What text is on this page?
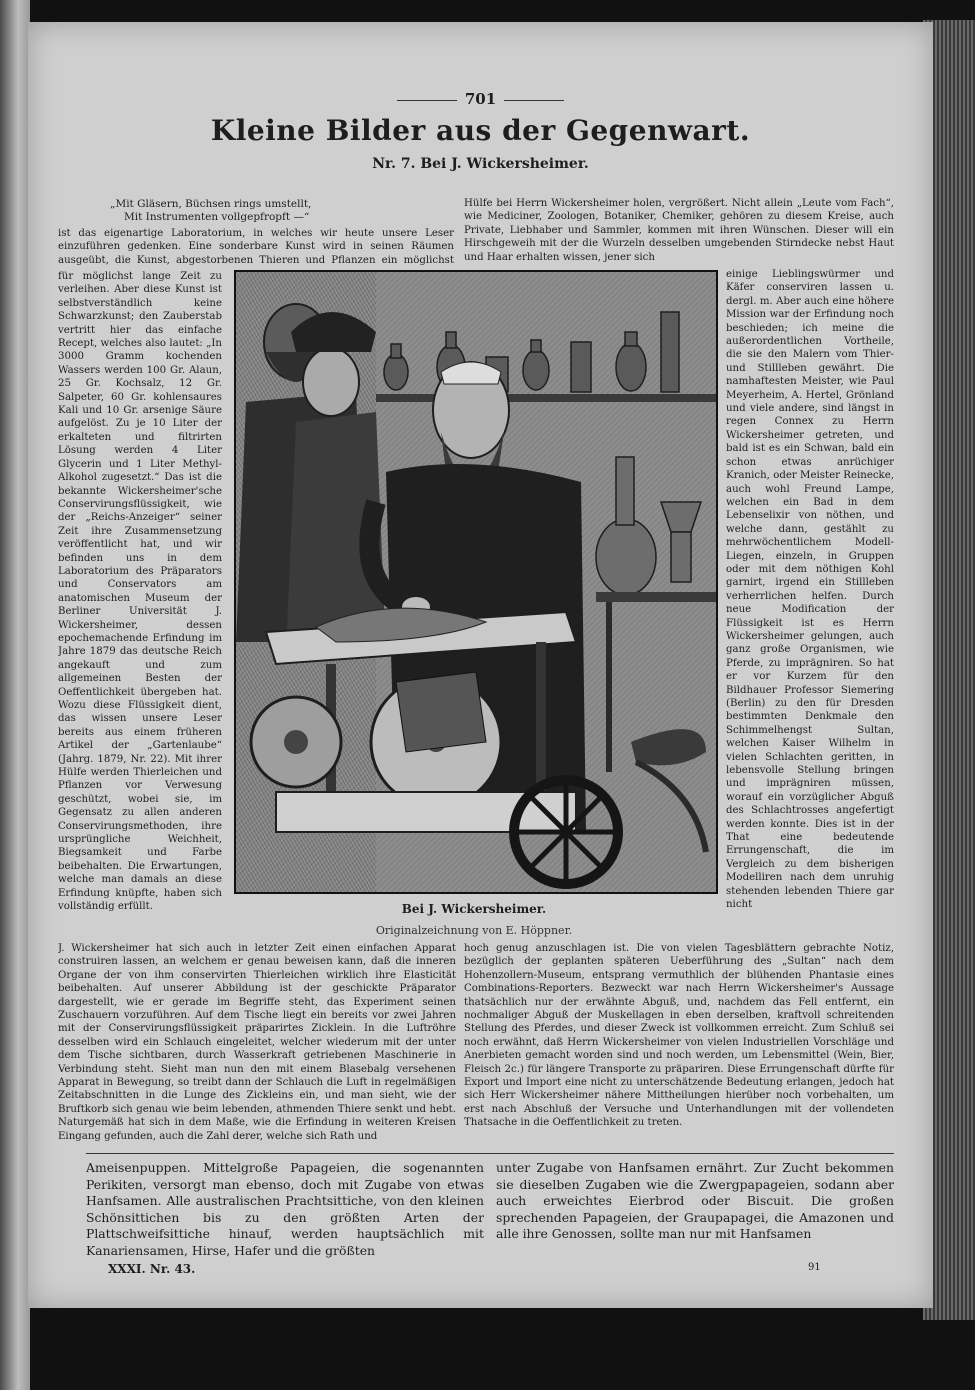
701
Kleine Bilder aus der Gegenwart.
Nr. 7. Bei J. Wickersheimer.

„Mit Gläsern, Büchsen rings umstellt,

Mit Instrumenten vollgepfropft —“

ist das eigenartige Laboratorium, in welches wir heute unsere Leser einzuführen gedenken. Eine sonderbare Kunst wird in seinen Räumen ausgeübt, die Kunst, abgestorbenen Thieren und Pflanzen ein möglichst
Hülfe bei Herrn Wickersheimer holen, vergrößert. Nicht allein „Leute vom Fach“, wie Mediciner, Zoologen, Botaniker, Chemiker, gehören zu diesem Kreise, auch Private, Liebhaber und Sammler, kommen mit ihren Wünschen. Dieser will ein Hirschgeweih mit der die Wurzeln desselben umgebenden Stirndecke nebst Haut und Haar erhalten wissen, jener sich
für möglichst lange Zeit zu verleihen. Aber diese Kunst ist selbstverständlich keine Schwarzkunst; den Zauberstab vertritt hier das einfache Recept, welches also lautet: „In 3000 Gramm kochenden Wassers werden 100 Gr. Alaun, 25 Gr. Kochsalz, 12 Gr. Salpeter, 60 Gr. kohlensaures Kali und 10 Gr. arsenige Säure aufgelöst. Zu je 10 Liter der erkalteten und filtrirten Lösung werden 4 Liter Glycerin und 1 Liter Methyl-Alkohol zugesetzt.“ Das ist die bekannte Wickersheimer'sche Conservirungsflüssigkeit, wie der „Reichs-Anzeiger“ seiner Zeit ihre Zusammensetzung veröffentlicht hat, und wir befinden uns in dem Laboratorium des Präparators und Conservators am anatomischen Museum der Berliner Universität J. Wickersheimer, dessen epochemachende Erfindung im Jahre 1879 das deutsche Reich angekauft und zum allgemeinen Besten der Oeffentlichkeit übergeben hat. Wozu diese Flüssigkeit dient, das wissen unsere Leser bereits aus einem früheren Artikel der „Gartenlaube“ (Jahrg. 1879, Nr. 22). Mit ihrer Hülfe werden Thierleichen und Pflanzen vor Verwesung geschützt, wobei sie, im Gegensatz zu allen anderen Conservirungsmethoden, ihre ursprüngliche Weichheit, Biegsamkeit und Farbe beibehalten. Die Erwartungen, welche man damals an diese Erfindung knüpfte, haben sich vollständig erfüllt.
einige Lieblingswürmer und Käfer conserviren lassen u. dergl. m. Aber auch eine höhere Mission war der Erfindung noch beschieden; ich meine die außerordentlichen Vortheile, die sie den Malern vom Thier- und Stillleben gewährt. Die namhaftesten Meister, wie Paul Meyerheim, A. Hertel, Grönland und viele andere, sind längst in regen Connex zu Herrn Wickersheimer getreten, und bald ist es ein Schwan, bald ein schon etwas anrüchiger Kranich, oder Meister Reinecke, auch wohl Freund Lampe, welchen ein Bad in dem Lebenselixir von nöthen, und welche dann, gestählt zu mehrwöchentlichem Modell-Liegen, einzeln, in Gruppen oder mit dem nöthigen Kohl garnirt, irgend ein Stillleben verherrlichen helfen. Durch neue Modification der Flüssigkeit ist es Herrn Wickersheimer gelungen, auch ganz große Organismen, wie Pferde, zu imprägniren. So hat er vor Kurzem für den Bildhauer Professor Siemering (Berlin) zu den für Dresden bestimmten Denkmale den Schimmelhengst Sultan, welchen Kaiser Wilhelm in vielen Schlachten geritten, in lebensvolle Stellung bringen und imprägniren müssen, worauf ein vorzüglicher Abguß des Schlachtrosses angefertigt werden konnte. Dies ist in der That eine bedeutende Errungenschaft, die im Vergleich zu dem bisherigen Modelliren nach dem unruhig stehenden lebenden Thiere gar nicht
Bei J. Wickersheimer.
Originalzeichnung von E. Höppner.
J. Wickersheimer hat sich auch in letzter Zeit einen einfachen Apparat construiren lassen, an welchem er genau beweisen kann, daß die inneren Organe der von ihm conservirten Thierleichen wirklich ihre Elasticität beibehalten. Auf unserer Abbildung ist der geschickte Präparator dargestellt, wie er gerade im Begriffe steht, das Experiment seinen Zuschauern vorzuführen. Auf dem Tische liegt ein bereits vor zwei Jahren mit der Conservirungsflüssigkeit präparirtes Zicklein. In die Luftröhre desselben wird ein Schlauch eingeleitet, welcher wiederum mit der unter dem Tische sichtbaren, durch Wasserkraft getriebenen Maschinerie in Verbindung steht. Sieht man nun den mit einem Blasebalg versehenen Apparat in Bewegung, so treibt dann der Schlauch die Luft in regelmäßigen Zeitabschnitten in die Lunge des Zickleins ein, und man sieht, wie der Bruftkorb sich genau wie beim lebenden, athmenden Thiere senkt und hebt. Naturgemäß hat sich in dem Maße, wie die Erfindung in weiteren Kreisen Eingang gefunden, auch die Zahl derer, welche sich Rath und
hoch genug anzuschlagen ist. Die von vielen Tagesblättern gebrachte Notiz, bezüglich der geplanten späteren Ueberführung des „Sultan“ nach dem Hohenzollern-Museum, entsprang vermuthlich der blühenden Phantasie eines Combinations-Reporters. Bezweckt war nach Herrn Wickersheimer's Aussage thatsächlich nur der erwähnte Abguß, und, nachdem das Fell entfernt, ein nochmaliger Abguß der Muskellagen in eben derselben, kraftvoll schreitenden Stellung des Pferdes, und dieser Zweck ist vollkommen erreicht. Zum Schluß sei noch erwähnt, daß Herrn Wickersheimer von vielen Industriellen Vorschläge und Anerbieten gemacht worden sind und noch werden, um Lebensmittel (Wein, Bier, Fleisch 2c.) für längere Transporte zu präpariren. Diese Errungenschaft dürfte für Export und Import eine nicht zu unterschätzende Bedeutung erlangen, jedoch hat sich Herr Wickersheimer nähere Mittheilungen hierüber noch vorbehalten, um erst nach Abschluß der Versuche und Unterhandlungen mit der vollendeten Thatsache in die Oeffentlichkeit zu treten.
Ameisenpuppen. Mittelgroße Papageien, die sogenannten Perikiten, versorgt man ebenso, doch mit Zugabe von etwas Hanfsamen. Alle australischen Prachtsittiche, von den kleinen Schönsittichen bis zu den größten Arten der Plattschweifsittiche hinauf, werden hauptsächlich mit Kanariensamen, Hirse, Hafer und die größten
unter Zugabe von Hanfsamen ernährt. Zur Zucht bekommen sie dieselben Zugaben wie die Zwergpapageien, sodann aber auch erweichtes Eierbrod oder Biscuit. Die großen sprechenden Papageien, der Graupapagei, die Amazonen und alle ihre Genossen, sollte man nur mit Hanfsamen
XXXI. Nr. 43.	91
